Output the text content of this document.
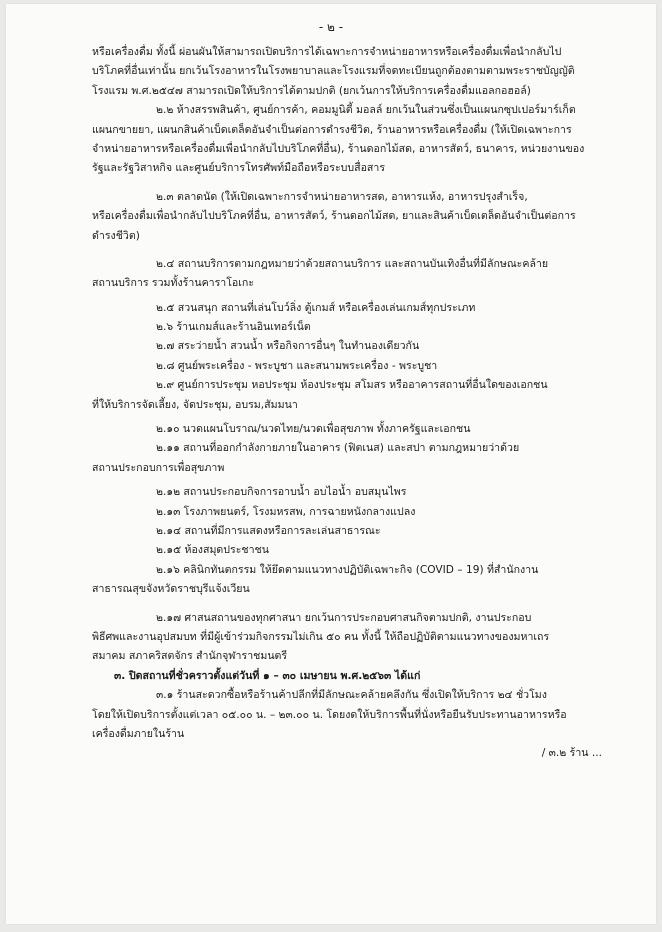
- ๒ -
หรือเครื่องดื่ม ทั้งนี้ ผ่อนผันให้สามารถเปิดบริการได้เฉพาะการจำหน่ายอาหารหรือเครื่องดื่มเพื่อนำกลับไป
บริโภคที่อื่นเท่านั้น ยกเว้นโรงอาหารในโรงพยาบาลและโรงแรมที่จดทะเบียนถูกต้องตามตามพระราชบัญญัติ
โรงแรม พ.ศ.๒๕๔๗ สามารถเปิดให้บริการได้ตามปกติ (ยกเว้นการให้บริการเครื่องดื่มแอลกอฮอล์)
๒.๒ ห้างสรรพสินค้า, ศูนย์การค้า, คอมมูนิตี้ มอลล์ ยกเว้นในส่วนซึ่งเป็นแผนกซุปเปอร์มาร์เก็ต
แผนกขายยา, แผนกสินค้าเบ็ดเตล็ดอันจำเป็นต่อการดำรงชีวิต, ร้านอาหารหรือเครื่องดื่ม (ให้เปิดเฉพาะการ
จำหน่ายอาหารหรือเครื่องดื่มเพื่อนำกลับไปบริโภคที่อื่น), ร้านดอกไม้สด, อาหารสัตว์, ธนาคาร, หน่วยงานของ
รัฐและรัฐวิสาหกิจ และศูนย์บริการโทรศัพท์มือถือหรือระบบสื่อสาร
๒.๓ ตลาดนัด (ให้เปิดเฉพาะการจำหน่ายอาหารสด, อาหารแห้ง, อาหารปรุงสำเร็จ,
หรือเครื่องดื่มเพื่อนำกลับไปบริโภคที่อื่น, อาหารสัตว์, ร้านดอกไม้สด, ยาและสินค้าเบ็ดเตล็ดอันจำเป็นต่อการ
ดำรงชีวิต)
๒.๔ สถานบริการตามกฎหมายว่าด้วยสถานบริการ และสถานบันเทิงอื่นที่มีลักษณะคล้าย
สถานบริการ รวมทั้งร้านคาราโอเกะ
๒.๕ สวนสนุก สถานที่เล่นโบว์ลิ่ง ตู้เกมส์ หรือเครื่องเล่นเกมส์ทุกประเภท
๒.๖ ร้านเกมส์และร้านอินเทอร์เน็ต
๒.๗ สระว่ายน้ำ สวนน้ำ หรือกิจการอื่นๆ ในทำนองเดียวกัน
๒.๘ ศูนย์พระเครื่อง - พระบูชา และสนามพระเครื่อง - พระบูชา
๒.๙ ศูนย์การประชุม หอประชุม ห้องประชุม สโมสร หรืออาคารสถานที่อื่นใดของเอกชน
ที่ให้บริการจัดเลี้ยง, จัดประชุม, อบรม,สัมมนา
๒.๑๐ นวดแผนโบราณ/นวดไทย/นวดเพื่อสุขภาพ ทั้งภาครัฐและเอกชน
๒.๑๑ สถานที่ออกกำลังกายภายในอาคาร (ฟิตเนส) และสปา ตามกฎหมายว่าด้วย
สถานประกอบการเพื่อสุขภาพ
๒.๑๒ สถานประกอบกิจการอาบน้ำ อบไอน้ำ อบสมุนไพร
๒.๑๓ โรงภาพยนตร์, โรงมหรสพ, การฉายหนังกลางแปลง
๒.๑๔ สถานที่มีการแสดงหรือการละเล่นสาธารณะ
๒.๑๕ ห้องสมุดประชาชน
๒.๑๖ คลินิกทันตกรรม ให้ยึดตามแนวทางปฏิบัติเฉพาะกิจ (COVID – 19) ที่สำนักงาน
สาธารณสุขจังหวัดราชบุรีแจ้งเวียน
๒.๑๗ ศาสนสถานของทุกศาสนา ยกเว้นการประกอบศาสนกิจตามปกติ, งานประกอบ
พิธีศพและงานอุปสมบท ที่มีผู้เข้าร่วมกิจกรรมไม่เกิน ๕๐ คน ทั้งนี้ ให้ถือปฏิบัติตามแนวทางของมหาเถร
สมาคม สภาคริสตจักร สำนักจุฬาราชมนตรี
๓. ปิดสถานที่ชั่วคราวตั้งแต่วันที่ ๑ – ๓๐ เมษายน พ.ศ.๒๕๖๓ ได้แก่
๓.๑ ร้านสะดวกซื้อหรือร้านค้าปลีกที่มีลักษณะคล้ายคลึงกัน ซึ่งเปิดให้บริการ ๒๔ ชั่วโมง
โดยให้เปิดบริการตั้งแต่เวลา ๐๕.๐๐ น. – ๒๓.๐๐ น. โดยงดให้บริการพื้นที่นั่งหรือยืนรับประทานอาหารหรือ
เครื่องดื่มภายในร้าน
/ ๓.๒ ร้าน ...
